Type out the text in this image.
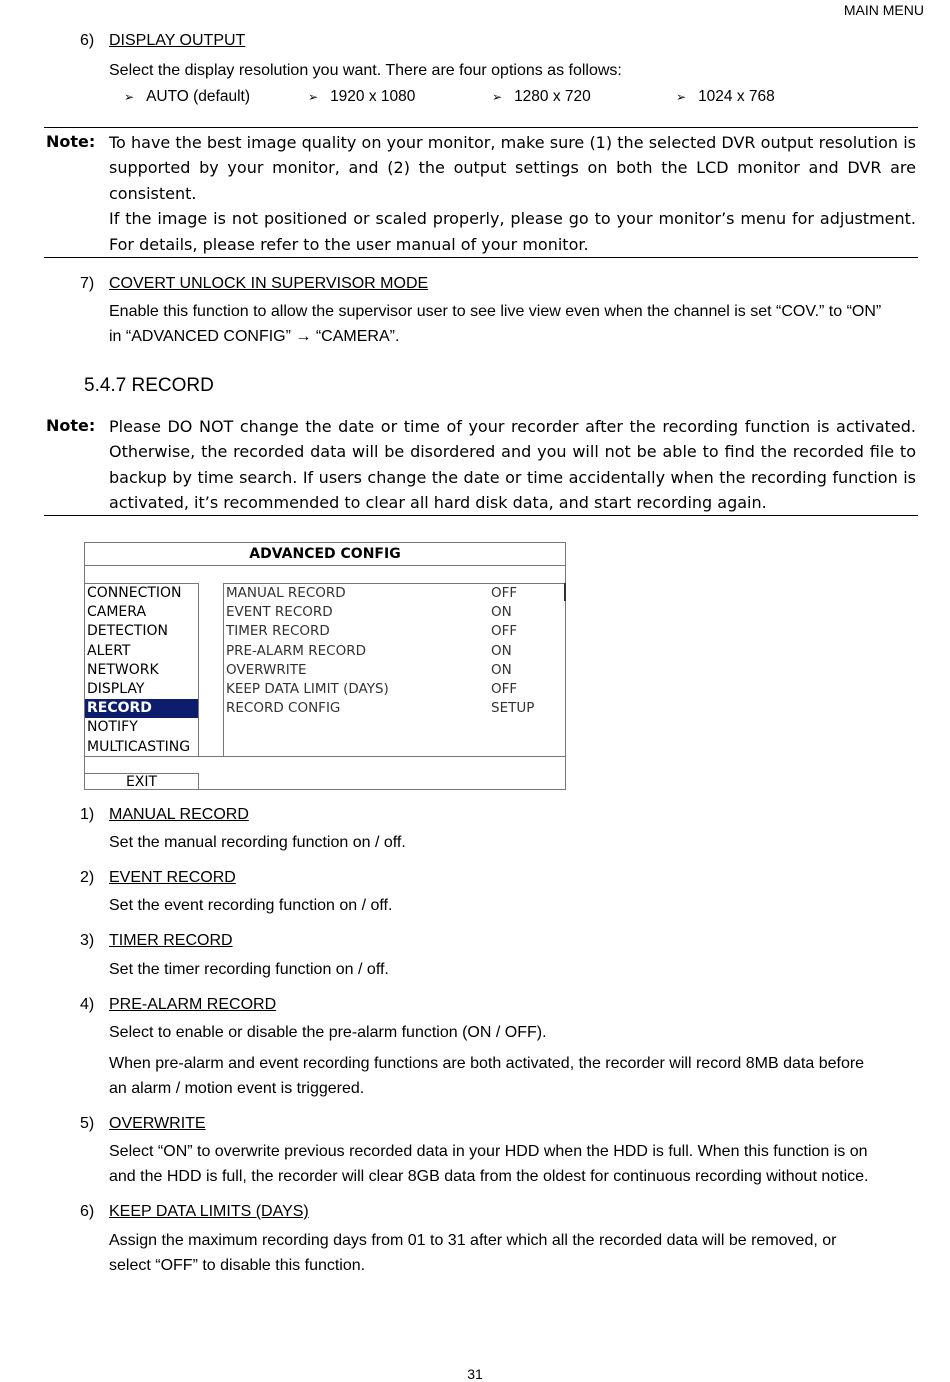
MAIN MENU
6) DISPLAY OUTPUT
Select the display resolution you want. There are four options as follows:
➢ AUTO (default)	➢ 1920 x 1080	➢ 1280 x 720	➢ 1024 x 768
Note: To have the best image quality on your monitor, make sure (1) the selected DVR output resolution is supported by your monitor, and (2) the output settings on both the LCD monitor and DVR are consistent.

If the image is not positioned or scaled properly, please go to your monitor’s menu for adjustment. For details, please refer to the user manual of your monitor.

7) COVERT UNLOCK IN SUPERVISOR MODE
Enable this function to allow the supervisor user to see live view even when the channel is set “COV.” to “ON”
in “ADVANCED CONFIG” → “CAMERA”.
5.4.7 RECORD
Note: Please DO NOT change the date or time of your recorder after the recording function is activated. Otherwise, the recorded data will be disordered and you will not be able to find the recorded file to backup by time search. If users change the date or time accidentally when the recording function is activated, it’s recommended to clear all hard disk data, and start recording again.
ADVANCED CONFIG
CONNECTION
CAMERA
DETECTION
ALERT
NETWORK
DISPLAY
RECORD
NOTIFY
MULTICASTING
MANUAL RECORD	OFF
EVENT RECORD	ON
TIMER RECORD	OFF
PRE-ALARM RECORD	ON
OVERWRITE	ON
KEEP DATA LIMIT (DAYS)	OFF
RECORD CONFIG	SETUP
EXIT
1) MANUAL RECORD
Set the manual recording function on / off.
2) EVENT RECORD
Set the event recording function on / off.
3) TIMER RECORD
Set the timer recording function on / off.
4) PRE-ALARM RECORD
Select to enable or disable the pre-alarm function (ON / OFF).
When pre-alarm and event recording functions are both activated, the recorder will record 8MB data before
an alarm / motion event is triggered.
5) OVERWRITE
Select “ON” to overwrite previous recorded data in your HDD when the HDD is full. When this function is on
and the HDD is full, the recorder will clear 8GB data from the oldest for continuous recording without notice.
6) KEEP DATA LIMITS (DAYS)
Assign the maximum recording days from 01 to 31 after which all the recorded data will be removed, or
select “OFF” to disable this function.
31
